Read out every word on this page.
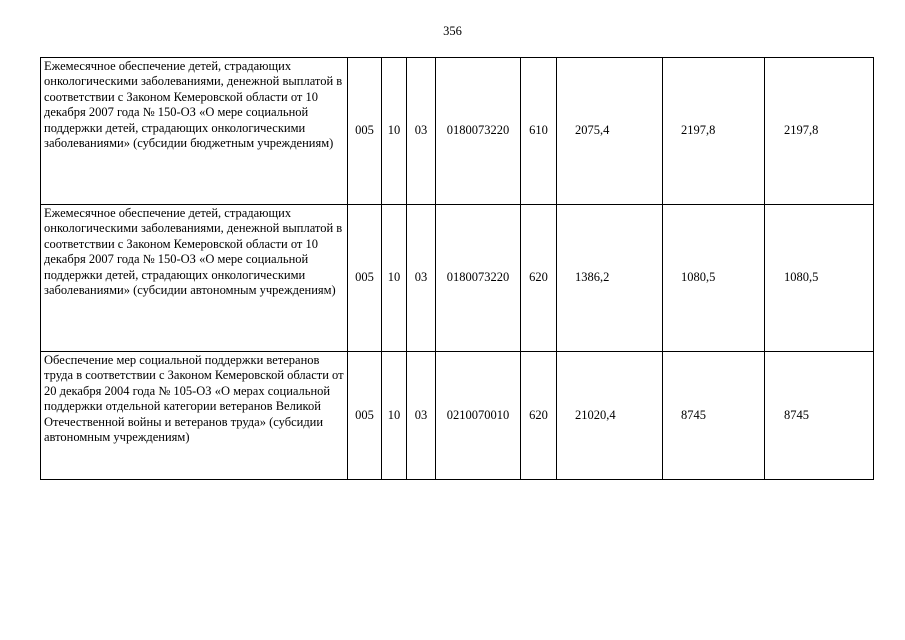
356
Ежемесячное обеспечение детей, страдающих онкологическими заболеваниями, денежной выплатой в соответствии с Законом Кемеровской области от 10 декабря 2007 года № 150-ОЗ «О мере социальной поддержки детей, страдающих онкологическими заболеваниями» (субсидии бюджетным учреждениям)	005	10	03	0180073220	610	2075,4	2197,8	2197,8
Ежемесячное обеспечение детей, страдающих онкологическими заболеваниями, денежной выплатой в соответствии с Законом Кемеровской области от 10 декабря 2007 года № 150-ОЗ «О мере социальной поддержки детей, страдающих онкологическими заболеваниями» (субсидии автономным учреждениям)	005	10	03	0180073220	620	1386,2	1080,5	1080,5
Обеспечение мер социальной поддержки ветеранов труда в соответствии с Законом Кемеровской области от 20 декабря 2004 года № 105-ОЗ «О мерах социальной поддержки отдельной категории ветеранов Великой Отечественной войны и ветеранов труда» (субсидии автономным учреждениям)	005	10	03	0210070010	620	21020,4	8745	8745
